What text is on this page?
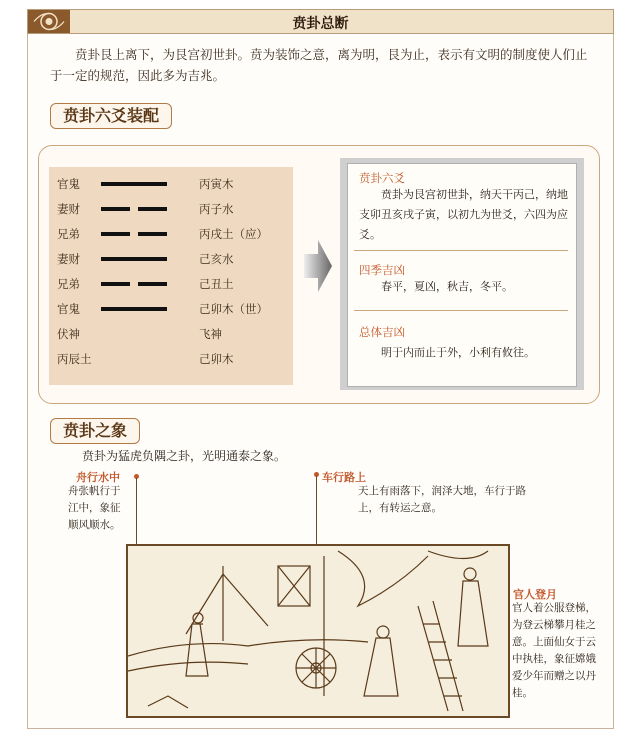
贲卦总断
贲卦艮上离下，为艮宫初世卦。贲为装饰之意，离为明，艮为止，表示有文明的制度使人们止于一定的规范，因此多为吉兆。
贲卦六爻装配
官鬼	丙寅木
妻财	丙子水
兄弟	丙戌土（应）
妻财	己亥水
兄弟	己丑土
官鬼	己卯木（世）
伏神	飞神
丙辰土	己卯木
贲卦六爻
贲卦为艮宫初世卦，纳天干丙己，纳地支卯丑亥戌子寅，以初九为世爻，六四为应爻。
四季吉凶
春平，夏凶，秋吉，冬平。
总体吉凶
明于内而止于外，小利有攸往。
贲卦之象
贲卦为猛虎负隅之卦，光明通泰之象。
舟行水中
舟张帆行于江中，象征顺风顺水。
车行路上
天上有雨落下，润泽大地，车行于路上，有转运之意。
官人登月
官人着公服登梯，为登云梯攀月桂之意。上面仙女于云中执桂，象征嫦娥爱少年而赠之以丹桂。
